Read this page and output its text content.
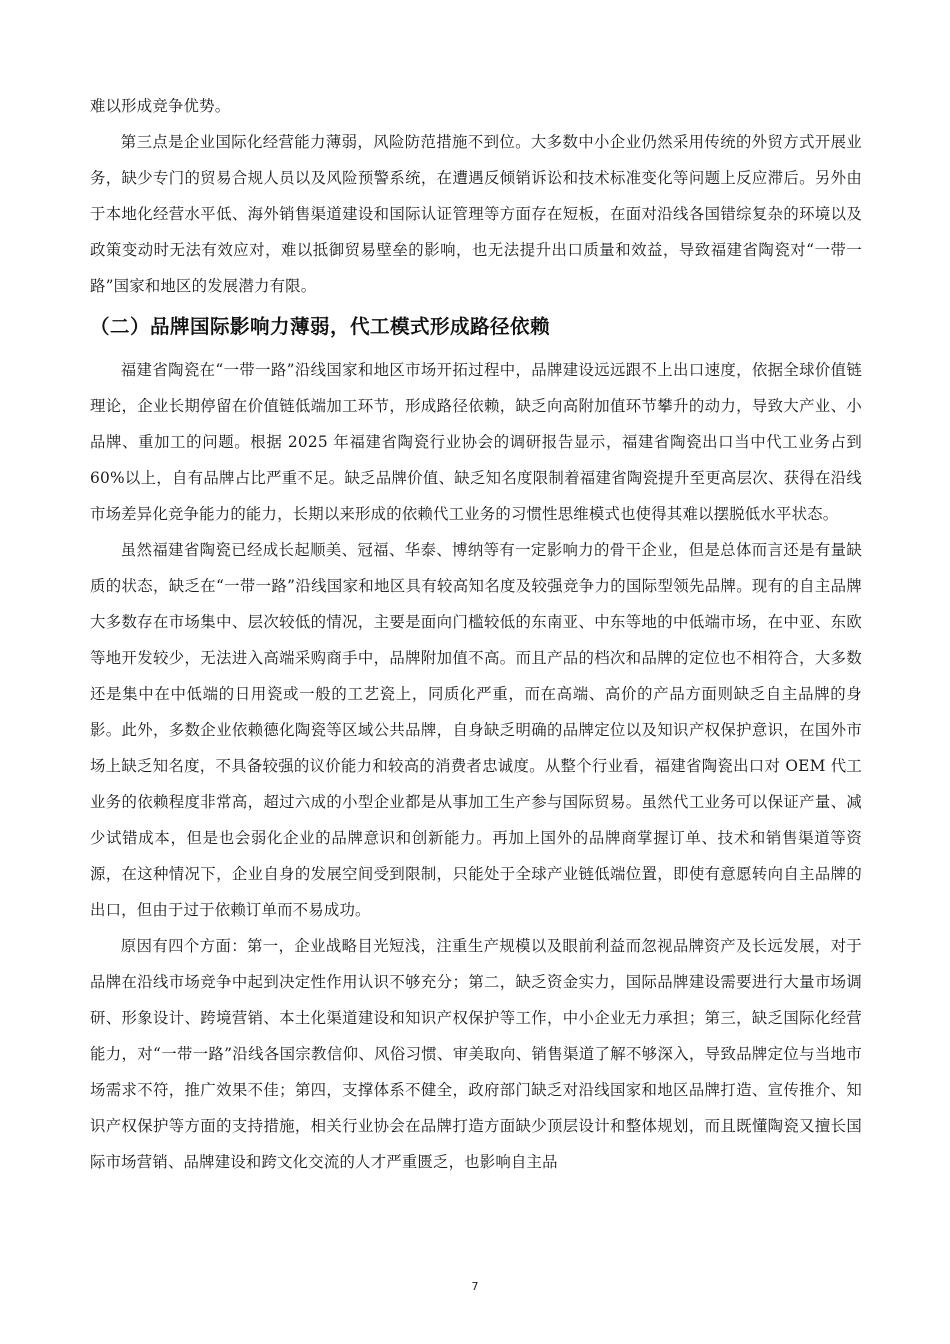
难以形成竞争优势。

第三点是企业国际化经营能力薄弱，风险防范措施不到位。大多数中小企业仍然采用传统的外贸方式开展业务，缺少专门的贸易合规人员以及风险预警系统，在遭遇反倾销诉讼和技术标准变化等问题上反应滞后。另外由于本地化经营水平低、海外销售渠道建设和国际认证管理等方面存在短板，在面对沿线各国错综复杂的环境以及政策变动时无法有效应对，难以抵御贸易壁垒的影响，也无法提升出口质量和效益，导致福建省陶瓷对“一带一路”国家和地区的发展潜力有限。

（二）品牌国际影响力薄弱，代工模式形成路径依赖

福建省陶瓷在“一带一路”沿线国家和地区市场开拓过程中，品牌建设远远跟不上出口速度，依据全球价值链理论，企业长期停留在价值链低端加工环节，形成路径依赖，缺乏向高附加值环节攀升的动力，导致大产业、小品牌、重加工的问题。根据 2025 年福建省陶瓷行业协会的调研报告显示，福建省陶瓷出口当中代工业务占到 60%以上，自有品牌占比严重不足。缺乏品牌价值、缺乏知名度限制着福建省陶瓷提升至更高层次、获得在沿线市场差异化竞争能力的能力，长期以来形成的依赖代工业务的习惯性思维模式也使得其难以摆脱低水平状态。

虽然福建省陶瓷已经成长起顺美、冠福、华泰、博纳等有一定影响力的骨干企业，但是总体而言还是有量缺质的状态，缺乏在“一带一路”沿线国家和地区具有较高知名度及较强竞争力的国际型领先品牌。现有的自主品牌大多数存在市场集中、层次较低的情况，主要是面向门槛较低的东南亚、中东等地的中低端市场，在中亚、东欧等地开发较少，无法进入高端采购商手中，品牌附加值不高。而且产品的档次和品牌的定位也不相符合，大多数还是集中在中低端的日用瓷或一般的工艺瓷上，同质化严重，而在高端、高价的产品方面则缺乏自主品牌的身影。此外，多数企业依赖德化陶瓷等区域公共品牌，自身缺乏明确的品牌定位以及知识产权保护意识，在国外市场上缺乏知名度，不具备较强的议价能力和较高的消费者忠诚度。从整个行业看，福建省陶瓷出口对 OEM 代工业务的依赖程度非常高，超过六成的小型企业都是从事加工生产参与国际贸易。虽然代工业务可以保证产量、减少试错成本，但是也会弱化企业的品牌意识和创新能力。再加上国外的品牌商掌握订单、技术和销售渠道等资源，在这种情况下，企业自身的发展空间受到限制，只能处于全球产业链低端位置，即使有意愿转向自主品牌的出口，但由于过于依赖订单而不易成功。

原因有四个方面：第一，企业战略目光短浅，注重生产规模以及眼前利益而忽视品牌资产及长远发展，对于品牌在沿线市场竞争中起到决定性作用认识不够充分；第二，缺乏资金实力，国际品牌建设需要进行大量市场调研、形象设计、跨境营销、本土化渠道建设和知识产权保护等工作，中小企业无力承担；第三，缺乏国际化经营能力，对“一带一路”沿线各国宗教信仰、风俗习惯、审美取向、销售渠道了解不够深入，导致品牌定位与当地市场需求不符，推广效果不佳；第四，支撑体系不健全，政府部门缺乏对沿线国家和地区品牌打造、宣传推介、知识产权保护等方面的支持措施，相关行业协会在品牌打造方面缺少顶层设计和整体规划，而且既懂陶瓷又擅长国际市场营销、品牌建设和跨文化交流的人才严重匮乏，也影响自主品

7
